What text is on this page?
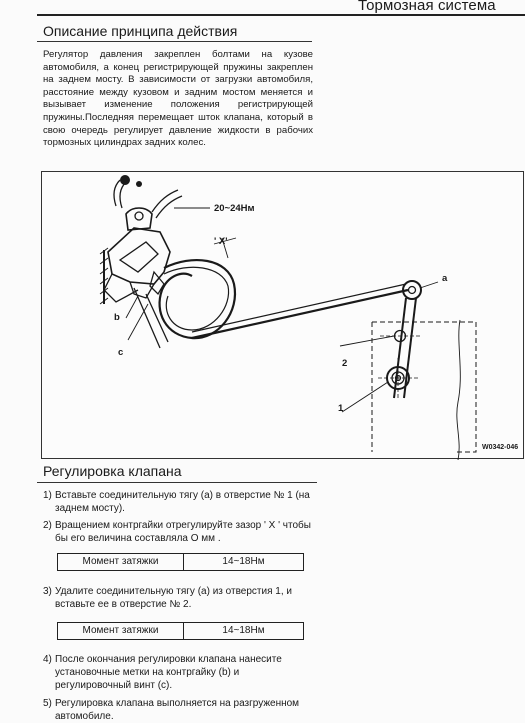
Тормозная система
Описание принципа действия
Регулятор давления закреплен болтами на кузове автомобиля, а конец регистрирующей пружины закреплен на заднем мосту. В зависимости от загрузки автомобиля, расстояние между кузовом и задним мостом меняется и вызывает изменение положения регистрирующей пружины.Последняя перемещает шток клапана, который в свою очередь регулирует давление жидкости в рабочих тормозных цилиндрах задних колес.
20~24Нм
' X'
a
b
c
2
1
W0342-046
Регулировка клапана
1) Вставьте соединительную тягу (a) в отверстие № 1 (на заднем мосту).
2) Вращением контргайки отрегулируйте зазор ' X ' чтобы бы его величина составляла О мм .
Момент затяжки	14~18Нм
3) Удалите соединительную тягу (a) из отверстия 1, и вставьте ее в отверстие № 2.
Момент затяжки	14~18Нм
4) После окончания регулировки клапана нанесите установочные метки на контргайку (b) и регулировочный винт (c).
5) Регулировка клапана выполняется на разгруженном автомобиле.
